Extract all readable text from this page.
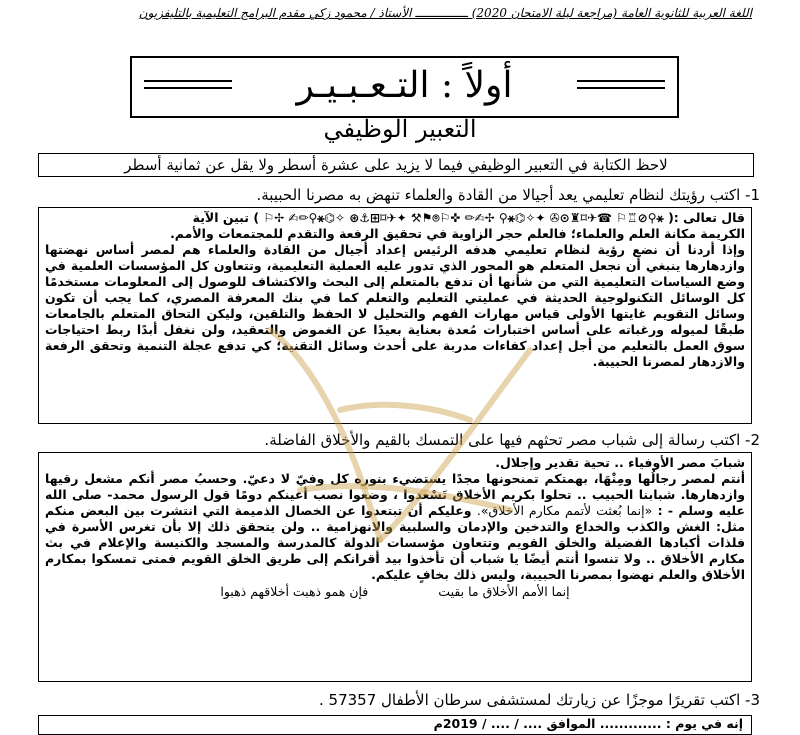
اللغة العربية للثانوية العامة (مراجعة ليلة الامتحان 2020) ـــــــــــــــ الأستاذ / محمود زكي مقدم البرامج التعليمية بالتليفزيون
أولاً : التـعـبـيـر
التعبير الوظيفي
لاحظ الكتابة في التعبير الوظيفي فيما لا يزيد على عشرة أسطر ولا يقل عن ثمانية أسطر
1- اكتب رؤيتك لنظام تعليمي يعد أجيالا من القادة والعلماء تنهض به مصرنا الحبيبة.

قال تعالى :( ⚹⚲⊘♖⚐ ☎✈⌑♜⊙✇ ✦✧⌬⚹⚲ ✢✍✏ ✜⚐⌾⚑⚒ ✦✈⌑⊞⚓⊛ ✧⌬⚹⚲✏✍ ✢⚐ ) تبين الآية

الكريمة مكانة العلم والعلماء؛ فالعلم حجر الزاوية في تحقيق الرفعة والتقدم للمجتمعات والأمم.

وإذا أردنا أن نضع رؤية لنظام تعليمي هدفه الرئيس إعداد أجيال من القادة والعلماء هم لمصر أساس نهضتها وازدهارها ينبغي أن نجعل المتعلم هو المحور الذي تدور عليه العملية التعليمية، وتتعاون كل المؤسسات العلمية في وضع السياسات التعليمية التي من شأنها أن تدفع بالمتعلم إلى البحث والاكتشاف للوصول إلى المعلومات مستخدمًا كل الوسائل التكنولوجية الحديثة في عمليتي التعليم والتعلم كما في بنك المعرفة المصري، كما يجب أن تكون وسائل التقويم غايتها الأولى قياس مهارات الفهم والتحليل لا الحفظ والتلقين، وليكن التحاق المتعلم بالجامعات طبقًا لميوله ورغباته على أساس اختبارات مُعدة بعناية بعيدًا عن الغموض والتعقيد، ولن نغفل أبدًا ربط احتياجات سوق العمل بالتعليم من أجل إعداد كفاءات مدربة على أحدث وسائل التقنية؛ كي تدفع عجلة التنمية وتحقق الرفعة والازدهار لمصرنا الحبيبة.

2- اكتب رسالة إلى شباب مصر تحثهم فيها على التمسك بالقيم والأخلاق الفاضلة.

شبابَ مصر الأوفياء .. تحية تقدير وإجلال.

أنتم لمصر رجالُها ومِنْهَا، بهمتكم تمنحونها مجدًا يستضيء بنوره كل وفيّ لا دعيّ. وحسبُ مصر أنكم مشعل رقيها وازدهارها. شبابنا الحبيب .. تحلوا بكريم الأخلاق تَسْعدوا ، وضعوا نصب أعينكم دومًا قول الرسول محمد- صلى الله عليه وسلم - : «إنما بُعثت لأتمم مكارم الأخلاق». وعليكم أن تبتعدوا عن الخصال الذميمة التي انتشرت بين البعض منكم مثل: الغش والكذب والخداع والتدخين والإدمان والسلبية والانهزامية .. ولن يتحقق ذلك إلا بأن تغرس الأسرة في فلذات أكبادها الفضيلة والخلق القويم وتتعاون مؤسسات الدولة كالمدرسة والمسجد والكنيسة والإعلام في بث مكارم الأخلاق .. ولا تنسوا أنتم أيضًا يا شباب أن تأخذوا بيد أقرانكم إلى طريق الخلق القويم فمتى تمسكوا بمكارم الأخلاق والعلم نهضوا بمصرنا الحبيبة، وليس ذلك بخافٍ عليكم.

إنما الأمم الأخلاق ما بقيت
فإن همو ذهبت أخلاقهم ذهبوا
3- اكتب تقريرًا موجزًا عن زيارتك لمستشفى سرطان الأطفال 57357 .
إنه في يوم : ............. الموافق .... / .... / 2019م
